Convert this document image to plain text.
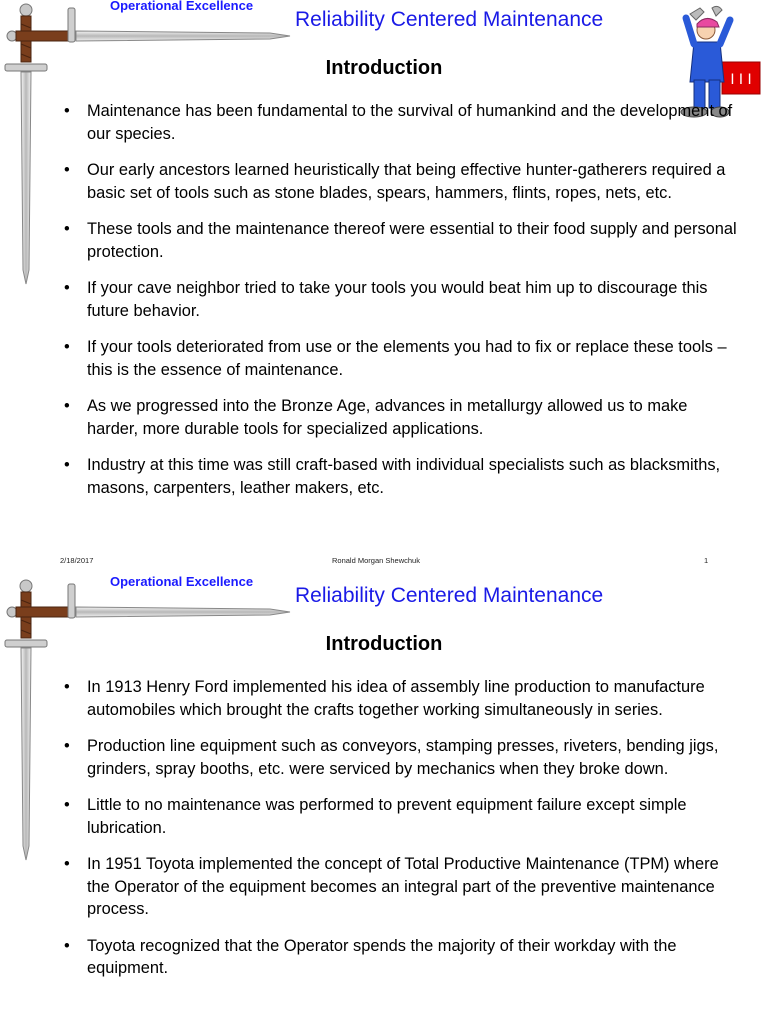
Operational Excellence
Reliability Centered Maintenance
I I I
Introduction
• Maintenance has been fundamental to the survival of humankind and the development of our species.
• Our early ancestors learned heuristically that being effective hunter-gatherers required a basic set of tools such as stone blades, spears, hammers, flints, ropes, nets, etc.
• These tools and the maintenance thereof were essential to their food supply and personal protection.
• If your cave neighbor tried to take your tools you would beat him up to discourage this future behavior.
• If your tools deteriorated from use or the elements you had to fix or replace these tools – this is the essence of maintenance.
• As we progressed into the Bronze Age, advances in metallurgy allowed us to make harder, more durable tools for specialized applications.
• Industry at this time was still craft-based with individual specialists such as blacksmiths, masons, carpenters, leather makers, etc.
2/18/2017	Ronald Morgan Shewchuk	1
Operational Excellence
Reliability Centered Maintenance
Introduction
• In 1913 Henry Ford implemented his idea of assembly line production to manufacture automobiles which brought the crafts together working simultaneously in series.
• Production line equipment such as conveyors, stamping presses, riveters, bending jigs, grinders, spray booths, etc. were serviced by mechanics when they broke down.
• Little to no maintenance was performed to prevent equipment failure except simple lubrication.
• In 1951 Toyota implemented the concept of Total Productive Maintenance (TPM) where the Operator of the equipment becomes an integral part of the preventive maintenance process.
• Toyota recognized that the Operator spends the majority of their workday with the equipment.
